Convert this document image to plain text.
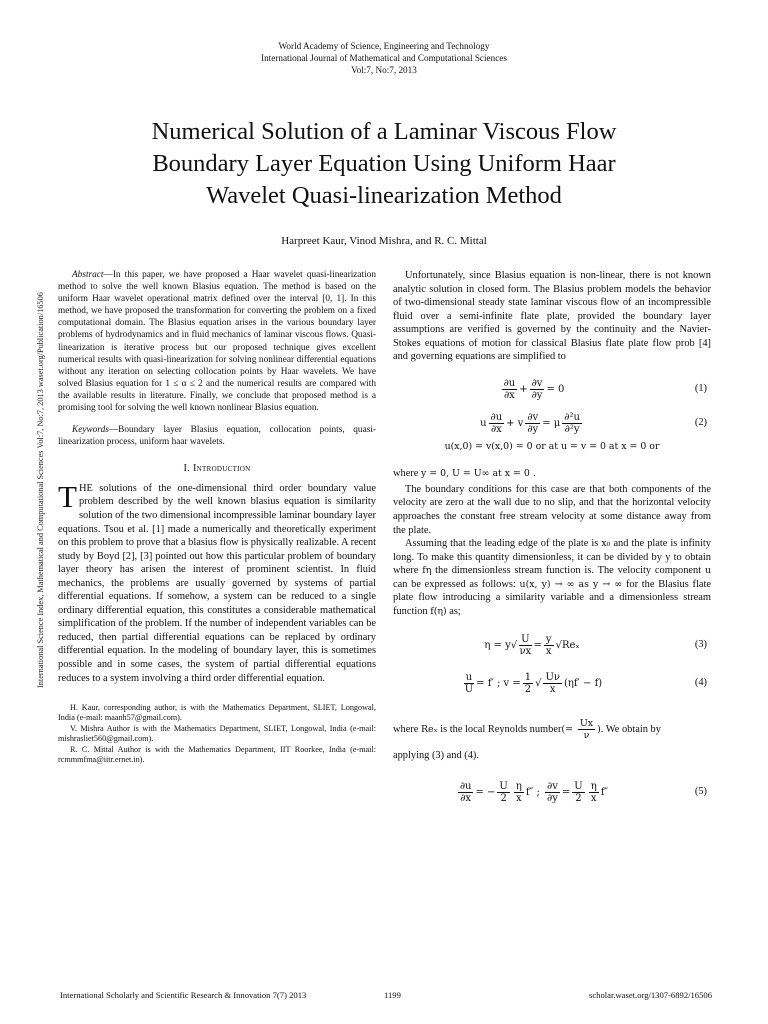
World Academy of Science, Engineering and Technology
International Journal of Mathematical and Computational Sciences
Vol:7, No:7, 2013
Numerical Solution of a Laminar Viscous Flow
Boundary Layer Equation Using Uniform Haar
Wavelet Quasi-linearization Method
Harpreet Kaur, Vinod Mishra, and R. C. Mittal
International Science Index, Mathematical and Computational Sciences Vol:7, No:7, 2013 waset.org/Publication/16506

Abstract—In this paper, we have proposed a Haar wavelet quasi-linearization method to solve the well known Blasius equation. The method is based on the uniform Haar wavelet operational matrix defined over the interval [0, 1]. In this method, we have proposed the transformation for converting the problem on a fixed computational domain. The Blasius equation arises in the various boundary layer problems of hydrodynamics and in fluid mechanics of laminar viscous flows. Quasi-linearization is iterative process but our proposed technique gives excellent numerical results with quasi-linearization for solving nonlinear differential equations without any iteration on selecting collocation points by Haar wavelets. We have solved Blasius equation for 1 ≤ α ≤ 2 and the numerical results are compared with the available results in literature. Finally, we conclude that proposed method is a promising tool for solving the well known nonlinear Blasius equation.

Keywords—Boundary layer Blasius equation, collocation points, quasi-linearization process, uniform haar wavelets.

I. Introduction

THE solutions of the one-dimensional third order boundary value problem described by the well known blasius equation is similarity solution of the two dimensional incompressible laminar boundary layer equations. Tsou et al. [1] made a numerically and theoretically experiment on this problem to prove that a blasius flow is physically realizable. A recent study by Boyd [2], [3] pointed out how this particular problem of boundary layer theory has arisen the interest of prominent scientist. In fluid mechanics, the problems are usually governed by systems of partial differential equations. If somehow, a system can be reduced to a single ordinary differential equation, this constitutes a considerable mathematical simplification of the problem. If the number of independent variables can be reduced, then partial differential equations can be replaced by ordinary differential equation. In the modeling of boundary layer, this is sometimes possible and in some cases, the system of partial differential equations reduces to a system involving a third order differential equation.

H. Kaur, corresponding author, is with the Mathematics Department, SLIET, Longowal, India (e-mail: maanh57@gmail.com).

V. Mishra Author is with the Mathematics Department, SLIET, Longowal, India (e-mail: mishrasliet560@gmail.com).

R. C. Mittal Author is with the Mathematics Department, IIT Roorkee, India (e-mail: rcmmmfma@iitr.ernet.in).

Unfortunately, since Blasius equation is non-linear, there is not known analytic solution in closed form. The Blasius problem models the behavior of two-dimensional steady state laminar viscous flow of an incompressible fluid over a semi-infinite flate plate, provided the boundary layer assumptions are verified is governed by the continuity and the Navier-Stokes equations of motion for classical Blasius flate plate flow prob [4] and governing equations are simplified to

$\frac{\partial u}{\partial x} + \frac{\partial v}{\partial y} = 0$	(1)
u $\frac{\partial u}{\partial x} + v \frac{\partial v}{\partial y} = \mu \frac{\text{∂²u}}{\text{∂²y}}$	(2)
u(x,0) = v(x,0) = 0 or at u = v = 0 at x = 0 or

where y = 0, U = U∞ at x = 0 .

The boundary conditions for this case are that both components of the velocity are zero at the wall due to no slip, and that the horizontal velocity approaches the constant free stream velocity at some distance away from the plate.

Assuming that the leading edge of the plate is x₀ and the plate is infinity long. To make this quantity dimensionless, it can be divided by y to obtain where fη the dimensionless stream function is. The velocity component u can be expressed as follows: u(x, y) → ∞ as y → ∞ for the Blasius flate plate flow introducing a similarity variable and a dimensionless stream function f(η) as;

$\eta = y√ \frac{U}{\nu x} = \frac{y}{x} √Re_x$	(3)
$\frac{u}{U} = f'$ ; $v = \frac{1}{2}$ √ $\frac{U\nu}{x} (\eta f' - f)$	(4)

where Reₓ is the local Reynolds number(= $\frac{Ux}{\nu}$ ). We obtain by

applying (3) and (4).

$\frac{\partial u}{\partial x}$ = − $\frac{U}{2} \frac{\eta}{x} f''$ ; $\frac{\partial v}{\partial y} = \frac{U}{2} \frac{\eta}{x} f''$	(5)
International Scholarly and Scientific Research & Innovation 7(7) 2013	1199	scholar.waset.org/1307-6892/16506
